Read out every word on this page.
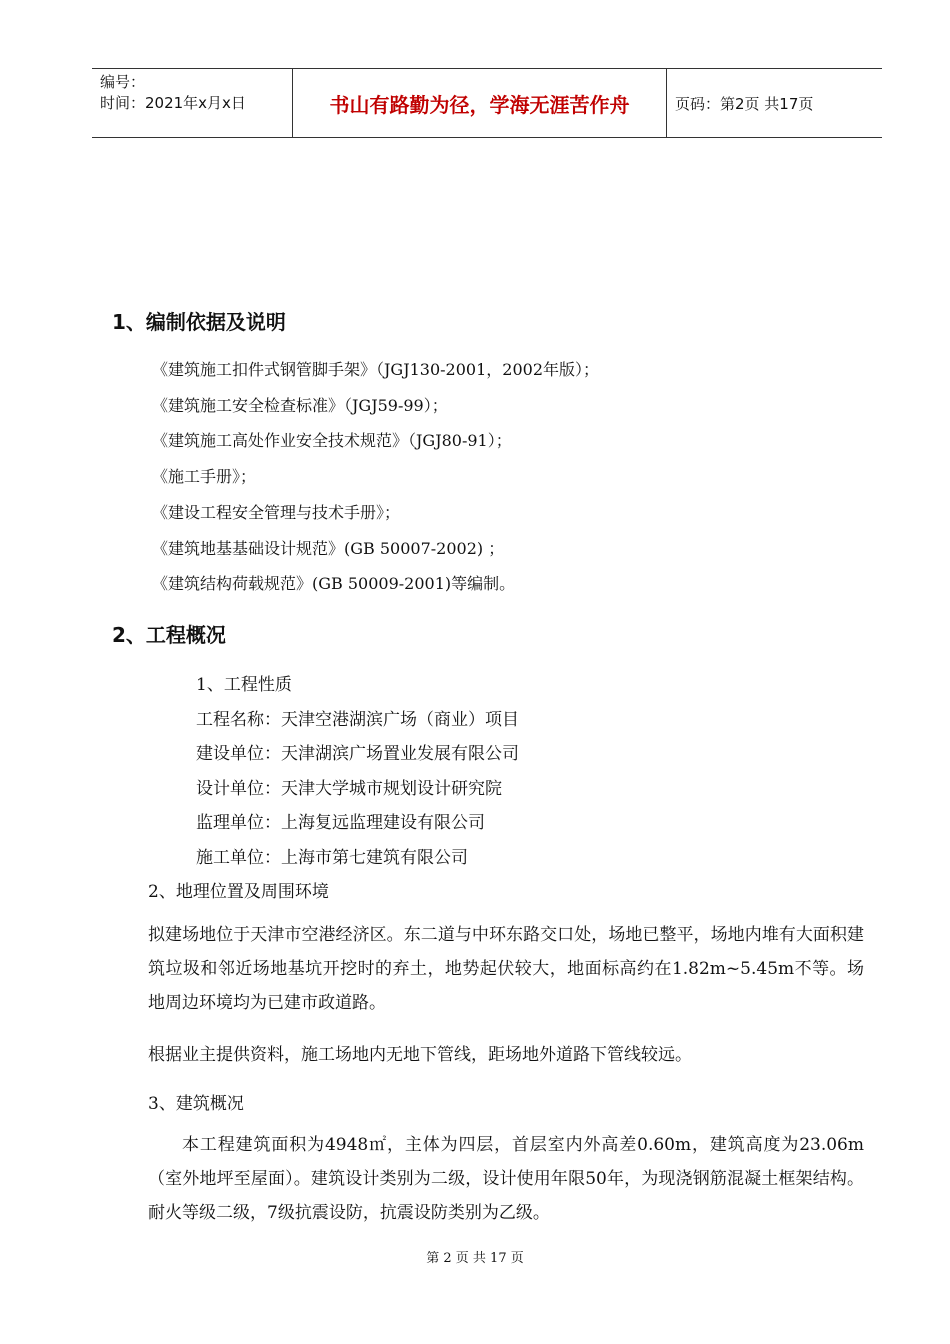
编号：
时间：2021年x月x日	书山有路勤为径，学海无涯苦作舟	页码：第2页 共17页
1、编制依据及说明
《建筑施工扣件式钢管脚手架》（JGJ130-2001，2002年版）；
《建筑施工安全检查标准》（JGJ59-99）；
《建筑施工高处作业安全技术规范》（JGJ80-91）；
《施工手册》；
《建设工程安全管理与技术手册》；
《建筑地基基础设计规范》(GB 50007-2002) ；
《建筑结构荷载规范》(GB 50009-2001)等编制。
2、工程概况
1、工程性质
工程名称：天津空港湖滨广场（商业）项目
建设单位：天津湖滨广场置业发展有限公司
设计单位：天津大学城市规划设计研究院
监理单位：上海复远监理建设有限公司
施工单位：上海市第七建筑有限公司
2、地理位置及周围环境
拟建场地位于天津市空港经济区。东二道与中环东路交口处，场地已整平，场地内堆有大面积建筑垃圾和邻近场地基坑开挖时的弃土，地势起伏较大，地面标高约在1.82m~5.45m不等。场地周边环境均为已建市政道路。
根据业主提供资料，施工场地内无地下管线，距场地外道路下管线较远。
3、建筑概况
本工程建筑面积为4948㎡，主体为四层，首层室内外高差0.60m，建筑高度为23.06m（室外地坪至屋面）。建筑设计类别为二级，设计使用年限50年，为现浇钢筋混凝土框架结构。耐火等级二级，7级抗震设防，抗震设防类别为乙级。
第 2 页 共 17 页
